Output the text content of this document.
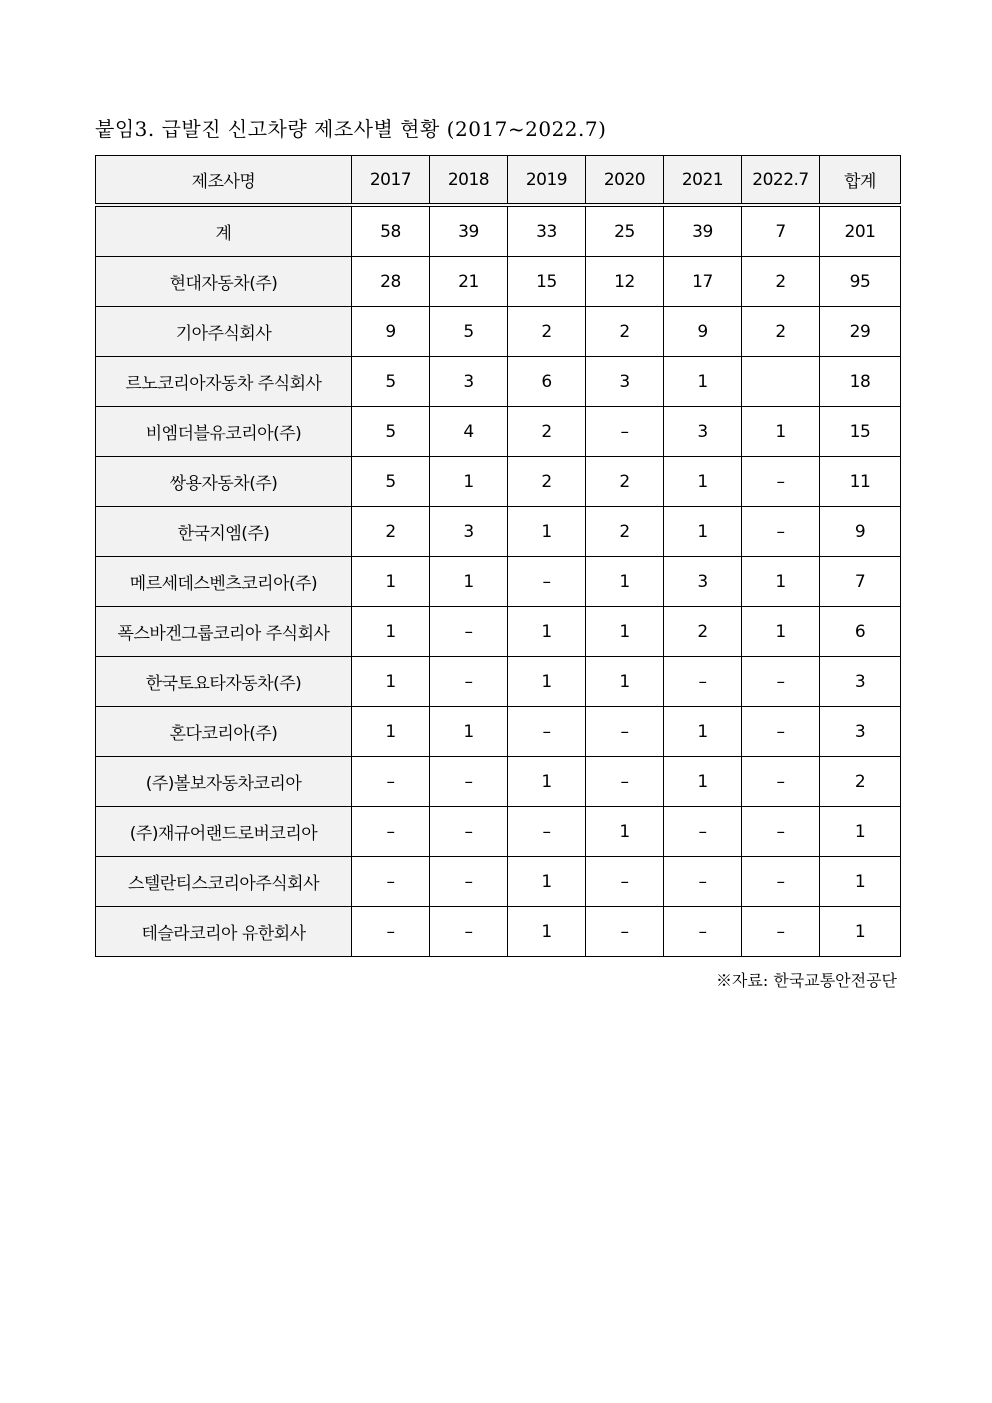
붙임3. 급발진 신고차량 제조사별 현황 (2017~2022.7)
제조사명	2017	2018	2019	2020	2021	2022.7	합계
계	58	39	33	25	39	7	201
현대자동차(주)	28	21	15	12	17	2	95
기아주식회사	9	5	2	2	9	2	29
르노코리아자동차 주식회사	5	3	6	3	1		18
비엠더블유코리아(주)	5	4	2	–	3	1	15
쌍용자동차(주)	5	1	2	2	1	–	11
한국지엠(주)	2	3	1	2	1	–	9
메르세데스벤츠코리아(주)	1	1	–	1	3	1	7
폭스바겐그룹코리아 주식회사	1	–	1	1	2	1	6
한국토요타자동차(주)	1	–	1	1	–	–	3
혼다코리아(주)	1	1	–	–	1	–	3
(주)볼보자동차코리아	–	–	1	–	1	–	2
(주)재규어랜드로버코리아	–	–	–	1	–	–	1
스텔란티스코리아주식회사	–	–	1	–	–	–	1
테슬라코리아 유한회사	–	–	1	–	–	–	1
※자료: 한국교통안전공단
